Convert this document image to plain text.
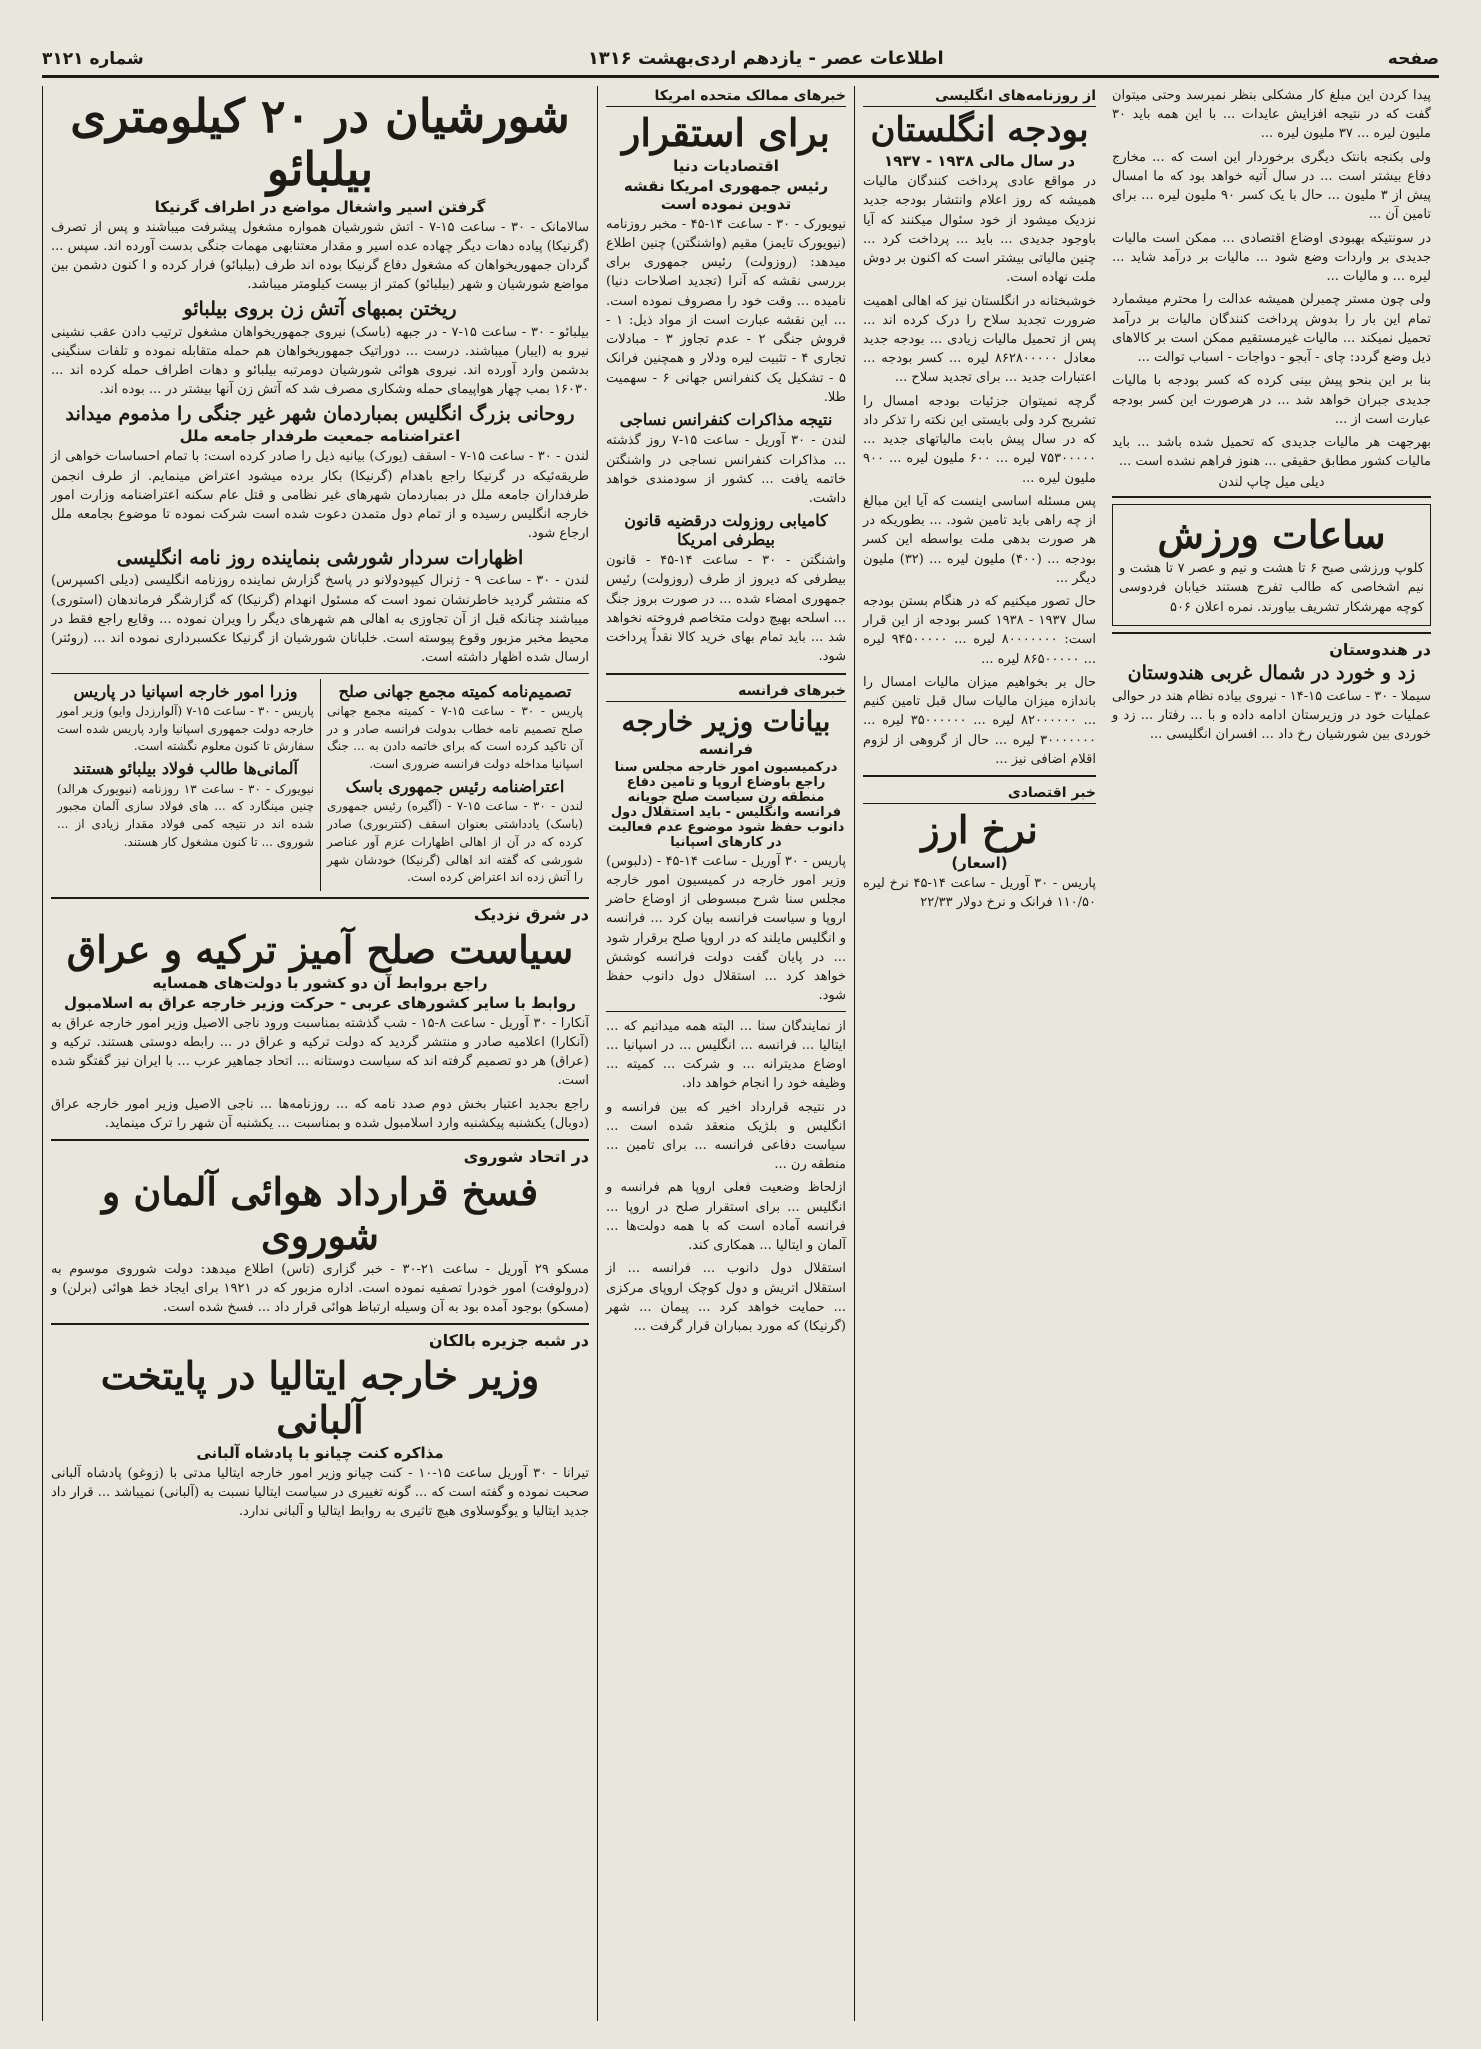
صفحه
اطلاعات عصر - یازدهم اردی‌بهشت ۱۳۱۶
شماره ۳۱۲۱
شورشیان در ۲۰ کیلومتری بیلبائو
گرفتن اسیر واشغال مواضع در اطراف گرنیکا

سالامانک - ۳۰ - ساعت ۱۵-۷ - اتش شورشیان همواره مشغول پیشرفت میباشند و پس از تصرف (گرنیکا) پیاده دهات دیگر چهاده عده اسیر و مقدار معتنابهی مهمات جنگی بدست آورده اند. سپس ... گردان جمهوریخواهان که مشغول دفاع گرنیکا بوده اند طرف (بیلبائو) فرار کرده و ا کنون دشمن بین مواضع شورشیان و شهر (بیلبائو) کمتر از بیست کیلومتر میباشد.

ریختن بمبهای آتش زن بروی بیلبائو

بیلبائو - ۳۰ - ساعت ۱۵-۷ - در جبهه (باسک) نیروی جمهوریخواهان مشغول ترتیب دادن عقب نشینی نیرو به (ایبار) میباشند. درست ... دوراتیک جمهوریخواهان هم حمله متقابله نموده و تلفات سنگینی بدشمن وارد آورده اند. نیروی هوائی شورشیان دومرتبه بیلبائو و دهات اطراف حمله کرده اند ... ۱۶۰۳۰ بمب چهار هواپیمای حمله وشکاری مصرف شد که آتش زن آنها بیشتر در ... بوده اند.

روحانی بزرگ انگلیس بمباردمان شهر غیر جنگی را مذموم میداند
اعتراضنامه جمعیت طرفدار جامعه ملل

لندن - ۳۰ - ساعت ۱۵-۷ - اسقف (یورک) بیانیه ذیل را صادر کرده است: با تمام احساسات خواهی از طریقه‌ئیکه در گرنیکا راجع باهدام (گرنیکا) بکار برده میشود اعتراض مینمایم. از طرف انجمن طرفداران جامعه ملل در بمباردمان شهرهای غیر نظامی و قتل عام سکنه اعتراضنامه وزارت امور خارجه انگلیس رسیده و از تمام دول متمدن دعوت شده است شرکت نموده تا موضوع بجامعه ملل ارجاع شود.

اظهارات سردار شورشی بنماینده روز نامه انگلیسی

لندن - ۳۰ - ساعت ۹ - ژنرال کیپودولانو در پاسخ گزارش نماینده روزنامه انگلیسی (دیلی اکسپرس) که منتشر گردید خاطرنشان نمود است که مسئول انهدام (گرنیکا) که گزارشگر فرماندهان (استوری) میباشند چنانکه قبل از آن تجاوزی به اهالی هم شهرهای دیگر را ویران نموده ... وقایع راجع فقط در محیط مخبر مزبور وقوع پیوسته است. خلبانان شورشیان از گرنیکا عکسبرداری نموده اند ... (روئتر) ارسال شده اظهار داشته است.

تصمیم‌نامه کمیته مجمع جهانی صلح

پاریس - ۳۰ - ساعت ۱۵-۷ - کمیته مجمع جهانی صلح تصمیم نامه خطاب بدولت فرانسه صادر و در آن تاکید کرده است که برای خاتمه دادن به ... جنگ اسپانیا مداخله دولت فرانسه ضروری است.

اعتراضنامه رئیس جمهوری باسک

لندن - ۳۰ - ساعت ۱۵-۷ - (آگیره) رئیس جمهوری (باسک) یادداشتی بعنوان اسقف (کنتربوری) صادر کرده که در آن از اهالی اظهارات عزم آور عناصر شورشی که گفته اند اهالی (گرنیکا) خودشان شهر را آتش زده اند اعتراض کرده است.

وزرا امور خارجه اسپانیا در پاریس

پاریس - ۳۰ - ساعت ۱۵-۷ (آلوارزدل وایو) وزیر امور خارجه دولت جمهوری اسپانیا وارد پاریس شده است سفارش تا کنون معلوم نگشته است.

آلمانی‌ها طالب فولاد بیلبائو هستند

نیویورک - ۳۰ - ساعت ۱۳ روزنامه (نیویورک هرالد) چنین مینگارد که ... های فولاد سازی آلمان مجبور شده اند در نتیجه کمی فولاد مقدار زیادی از ... شوروی ... تا کنون مشغول کار هستند.

در شرق نزدیک
سیاست صلح آمیز ترکیه و عراق
راجع بروابط آن دو کشور با دولت‌های همسایه
روابط با سایر کشورهای عربی - حرکت وزیر خارجه عراق به اسلامبول

آنکارا - ۳۰ آوریل - ساعت ۸-۱۵ - شب گذشته بمناسبت ورود ناجی الاصیل وزیر امور خارجه عراق به (آنکارا) اعلامیه صادر و منتشر گردید که دولت ترکیه و عراق در ... رابطه دوستی هستند. ترکیه و (عراق) هر دو تصمیم گرفته اند که سیاست دوستانه ... اتحاد جماهیر عرب ... با ایران نیز گفتگو شده است.

راجع بجدید اعتبار بخش دوم صدد نامه که ... روزنامه‌ها ... ناجی الاصیل وزیر امور خارجه عراق (دوبال) یکشنبه پیکشنبه وارد اسلامبول شده و بمناسبت ... یکشنبه آن شهر را ترک مینماید.

در اتحاد شوروی
فسخ قرارداد هوائی آلمان و شوروی

مسکو ۲۹ آوریل - ساعت ۲۱-۳۰ - خبر گزاری (تاس) اطلاع میدهد: دولت شوروی موسوم به (درولوفت) امور خودرا تصفیه نموده است. اداره مزبور که در ۱۹۲۱ برای ایجاد خط هوائی (برلن) و (مسکو) بوجود آمده بود به آن وسیله ارتباط هوائی قرار داد ... فسخ شده است.

در شبه جزیره بالکان
وزیر خارجه ایتالیا در پایتخت آلبانی
مذاکره کنت چیانو با پادشاه آلبانی

تیرانا - ۳۰ آوریل ساعت ۱۵-۱۰ - کنت چیانو وزیر امور خارجه ایتالیا مدتی با (زوغو) پادشاه آلبانی صحبت نموده و گفته است که ... گونه تغییری در سیاست ایتالیا نسبت به (آلبانی) نمیباشد ... قرار داد جدید ایتالیا و یوگوسلاوی هیچ تاثیری به روابط ایتالیا و آلبانی ندارد.

خبرهای ممالک متحده امریکا
برای استقرار
اقتصادیات دنیا
رئیس جمهوری امریکا نقشه تدوین نموده است

نیویورک - ۳۰ - ساعت ۱۴-۴۵ - مخبر روزنامه (نیویورک تایمز) مقیم (واشنگتن) چنین اطلاع میدهد: (روزولت) رئیس جمهوری برای بررسی نقشه که آنرا (تجدید اصلاحات دنیا) نامیده ... وقت خود را مصروف نموده است. ... این نقشه عبارت است از مواد ذیل: ۱ - فروش جنگی ۲ - عدم تجاوز ۳ - مبادلات تجاری ۴ - تثبیت لیره ودلار و همچنین فرانک ۵ - تشکیل یک کنفرانس جهانی ۶ - سهمیت طلا.

نتیجه مذاکرات کنفرانس نساجی

لندن - ۳۰ آوریل - ساعت ۱۵-۷ روز گذشته ... مذاکرات کنفرانس نساجی در واشنگتن خاتمه یافت ... کشور از سودمندی خواهد داشت.

کامیابی روزولت درقضیه قانون بیطرفی امریکا

واشنگتن - ۳۰ - ساعت ۱۴-۴۵ - قانون بیطرفی که دیروز از طرف (روزولت) رئیس جمهوری امضاء شده ... در صورت بروز جنگ ... اسلحه بهیچ دولت متخاصم فروخته نخواهد شد ... باید تمام بهای خرید کالا نقداً پرداخت شود.

خبرهای فرانسه
بیانات وزیر خارجه
فرانسه
درکمیسیون امور خارجه مجلس سنا راجع باوضاع اروپا و تامین دفاع منطقه رن سیاست صلح جویانه فرانسه وانگلیس - باید استقلال دول دانوب حفظ شود موضوع عدم فعالیت در کارهای اسپانیا

پاریس - ۳۰ آوریل - ساعت ۱۴-۴۵ - (دلبوس) وزیر امور خارجه در کمیسیون امور خارجه مجلس سنا شرح مبسوطی از اوضاع حاضر اروپا و سیاست فرانسه بیان کرد ... فرانسه و انگلیس مایلند که در اروپا صلح برقرار شود ... در پایان گفت دولت فرانسه کوشش خواهد کرد ... استقلال دول دانوب حفظ شود.

از نمایندگان سنا ... البته همه میدانیم که ... ایتالیا ... فرانسه ... انگلیس ... در اسپانیا ... اوضاع مدیترانه ... و شرکت ... کمیته ... وظیفه خود را انجام خواهد داد.

در نتیجه قرارداد اخیر که بین فرانسه و انگلیس و بلژیک منعقد شده است ... سیاست دفاعی فرانسه ... برای تامین ... منطقه رن ...

ازلحاظ وضعیت فعلی اروپا هم فرانسه و انگلیس ... برای استقرار صلح در اروپا ... فرانسه آماده است که با همه دولت‌ها ... آلمان و ایتالیا ... همکاری کند.

استقلال دول دانوب ... فرانسه ... از استقلال اتریش و دول کوچک اروپای مرکزی ... حمایت خواهد کرد ... پیمان ... شهر (گرنیکا) که مورد بمباران قرار گرفت ...

از روزنامه‌های انگلیسی
بودجه انگلستان
در سال مالی ۱۹۳۸ - ۱۹۳۷

در مواقع عادی پرداخت کنندگان مالیات همیشه که روز اعلام وانتشار بودجه جدید نزدیک میشود از خود سئوال میکنند که آیا باوجود جدیدی ... باید ... پرداخت کرد ... چنین مالیاتی بیشتر است که اکنون بر دوش ملت نهاده است.

خوشبختانه در انگلستان نیز که اهالی اهمیت ضرورت تجدید سلاح را درک کرده اند ... پس از تحمیل مالیات زیادی ... بودجه جدید معادل ۸۶۲۸۰۰۰۰۰ لیره ... کسر بودجه ... اعتبارات جدید ... برای تجدید سلاح ...

گرچه نمیتوان جزئیات بودجه امسال را تشریح کرد ولی بایستی این نکته را تذکر داد که در سال پیش بابت مالیاتهای جدید ... ۷۵۳۰۰۰۰۰ لیره ... ۶۰۰ ملیون لیره ... ۹۰۰ ملیون لیره ...

پس مسئله اساسی اینست که آیا این مبالغ از چه راهی باید تامین شود. ... بطوریکه در هر صورت بدهی ملت بواسطه این کسر بودجه ... (۴۰۰) ملیون لیره ... (۳۲) ملیون دیگر ...

حال تصور میکنیم که در هنگام بستن بودجه سال ۱۹۳۷ - ۱۹۳۸ کسر بودجه از این قرار است: ۸۰۰۰۰۰۰۰ لیره ... ۹۴۵۰۰۰۰۰ لیره ... ۸۶۵۰۰۰۰۰ لیره ...

حال بر بخواهیم میزان مالیات امسال را باندازه میزان مالیات سال قبل تامین کنیم ... ۸۲۰۰۰۰۰۰ لیره ... ۳۵۰۰۰۰۰۰ لیره ... ۳۰۰۰۰۰۰۰ لیره ... حال از گروهی از لزوم اقلام اضافی نیز ...

خبر اقتصادی
نرخ ارز
(اسعار)

پاریس - ۳۰ آوریل - ساعت ۱۴-۴۵ نرخ لیره ۱۱۰/۵۰ فرانک و نرخ دولار ۲۲/۳۳

پیدا کردن این مبلغ کار مشکلی بنظر نمیرسد وحتی میتوان گفت که در نتیجه افزایش عایدات ... با این همه باید ۳۰ ملیون لیره ... ۳۷ ملیون لیره ...

ولی بکنجه بانتک دیگری برخوردار این است که ... مخارج دفاع بیشتر است ... در سال آتیه خواهد بود که ما امسال پیش از ۳ ملیون ... حال با یک کسر ۹۰ ملیون لیره ... برای تامین آن ...

در سونتیکه بهبودی اوضاع اقتصادی ... ممکن است مالیات جدیدی بر واردات وضع شود ... مالیات بر درآمد شاید ... لیره ... و مالیات ...

ولی چون مستر چمبرلن همیشه عدالت را محترم میشمارد تمام این بار را بدوش پرداخت کنندگان مالیات بر درآمد تحمیل نمیکند ... مالیات غیرمستقیم ممکن است بر کالاهای ذیل وضع گردد: چای - آبجو - دواجات - اسباب توالت ...

بنا بر این بنحو پیش بینی کرده که کسر بودجه با مالیات جدیدی جبران خواهد شد ... در هرصورت این کسر بودجه عبارت است از ...

بهرجهت هر مالیات جدیدی که تحمیل شده باشد ... باید مالیات کشور مطابق حقیقی ... هنوز فراهم نشده است ...

دیلی میل چاپ لندن
ساعات ورزش

کلوپ ورزشی صبح ۶ تا هشت و نیم و عصر ۷ تا هشت و نیم اشخاصی که طالب تفرج هستند خیابان فردوسی کوچه مهرشکار تشریف بیاورند. نمره اعلان ۵۰۶

در هندوستان
زد و خورد در شمال غربی هندوستان

سیملا - ۳۰ - ساعت ۱۵-۱۴ - نیروی بیاده نظام هند در حوالی عملیات خود در وزیرستان ادامه داده و با ... رفتار ... زد و خوردی بین شورشیان رخ داد ... افسران انگلیسی ...
